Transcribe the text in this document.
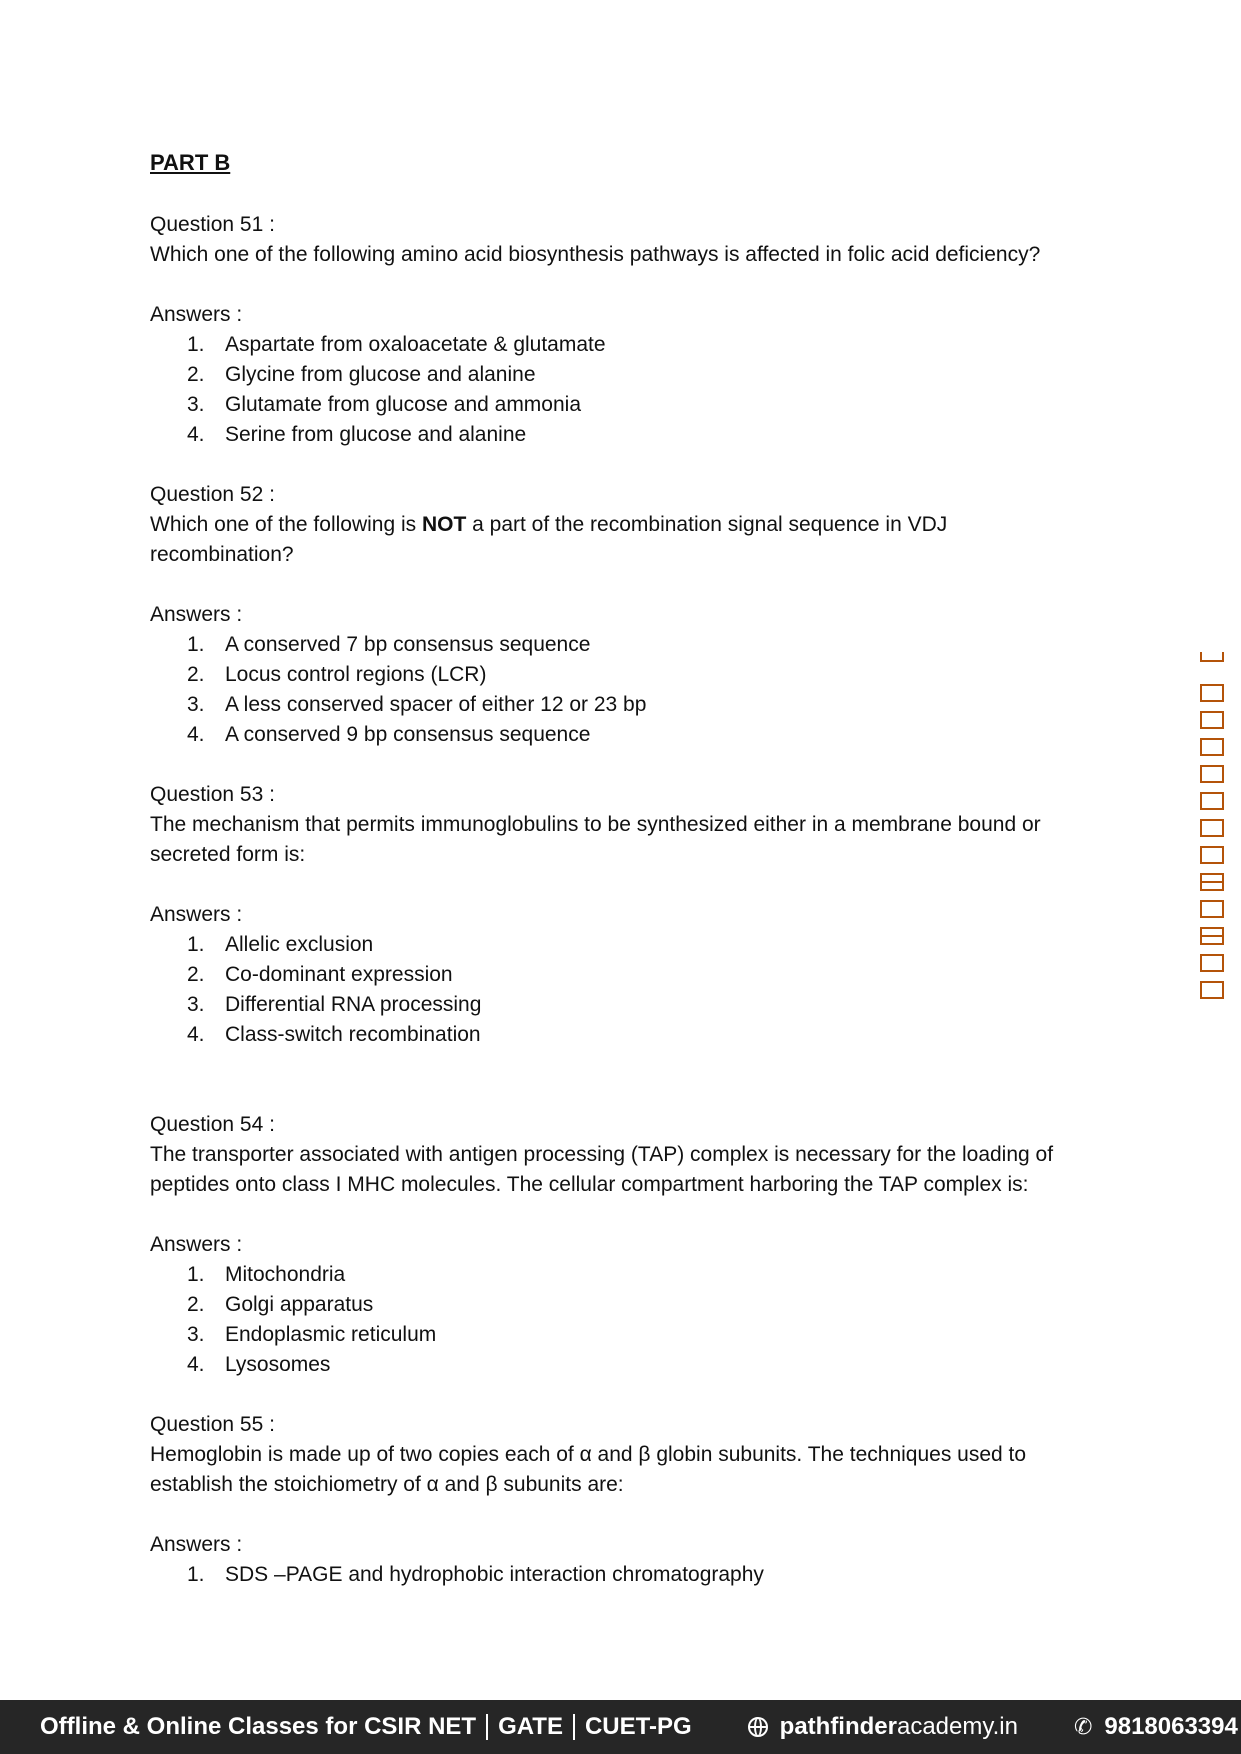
PART B

Question 51 :

Which one of the following amino acid biosynthesis pathways is affected in folic acid deficiency?

Answers :

1. Aspartate from oxaloacetate & glutamate
2. Glycine from glucose and alanine
3. Glutamate from glucose and ammonia
4. Serine from glucose and alanine

Question 52 :

Which one of the following is NOT a part of the recombination signal sequence in VDJ recombination?

Answers :

1. A conserved 7 bp consensus sequence
2. Locus control regions (LCR)
3. A less conserved spacer of either 12 or 23 bp
4. A conserved 9 bp consensus sequence

Question 53 :

The mechanism that permits immunoglobulins to be synthesized either in a membrane bound or secreted form is:

Answers :

1. Allelic exclusion
2. Co-dominant expression
3. Differential RNA processing
4. Class-switch recombination

Question 54 :

The transporter associated with antigen processing (TAP) complex is necessary for the loading of peptides onto class I MHC molecules. The cellular compartment harboring the TAP complex is:

Answers :

1. Mitochondria
2. Golgi apparatus
3. Endoplasmic reticulum
4. Lysosomes

Question 55 :

Hemoglobin is made up of two copies each of α and β globin subunits. The techniques used to establish the stoichiometry of α and β subunits are:

Answers :

1. SDS –PAGE and hydrophobic interaction chromatography
Offline & Online Classes for CSIR NET GATE CUET-PG	pathfinder academy.in	✆ 9818063394
